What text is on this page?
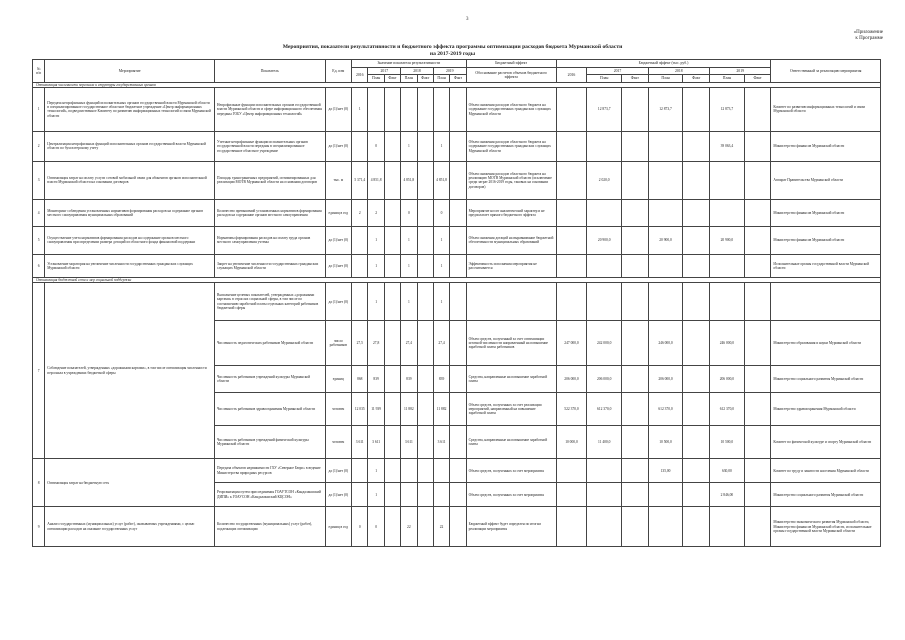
3
«Приложение
к Программе
Мероприятия, показатели результативности и бюджетного эффекта программы оптимизации расходов бюджета Мурманской области
на 2017-2019 годы
№ п/п	Мероприятие	Показатель	Ед. изм	Значение показателя результативности							Бюджетный эффект	Бюджетный эффект (тыс. руб.)							Ответственный за реализацию мероприятия
				2016	2017		2018		2019		Обоснование расчетов объемов бюджетного эффекта	2016	2017		2018		2019		
					План	Факт	План	Факт	План	Факт			План	Факт	План	Факт	План	Факт	
Оптимизация численности персонала и структуры государственных органов																			
1	Передача непрофильных функций исполнительных органов государственной власти Мурманской области в специализированное государственное областное бюджетное учреждение «Центр информационных технологий», подведомственное Комитету по развитию информационных технологий и связи Мурманской области	Непрофильные функции исполнительных органов государственной власти Мурманской области и сфере информационного обеспечения переданы ГОБУ «Центр информационных технологий»	да (1)/нет (0)	1							Объем снижения расходов областного бюджета на содержание государственных гражданских служащих Мурманской области		12 873,7		12 873,7		12 873,7		Комитет по развитию информационных технологий и связи Мурманской области
2	Централизация непрофильных функций исполнительных органов государственной власти Мурманской области по бухгалтерскому учету	Учетные непрофильные функции исполнительных органов государственной власти переданы в специализированное государственное областное учреждение	да (1)/нет (0)		0		1		1		Объем снижения расходов областного бюджета на содержание государственных гражданских служащих Мурманской области						39 063,4		Министерство финансов Мурманской области
3	Оптимизация затрат на оплату услуги сотовой мобильной связи для абонентов органов исполнительной власти Мурманской области на основании договоров	Площадь трансграничных предприятий, оптимизированных для реализации МОТВ Мурманской области на основании договоров	тыс. м	5 371,4	4 851,8		4 851,8		4 851,8		Объем снижения расходов областного бюджета на реализацию МОТВ Мурманской области (исключение среди затрат 2016-2019 годы, таковых на основании договоров)		2 020,0						Аппарат Правительства Мурманской области
4	Мониторинг соблюдения установленных нормативов формирования расходов на содержание органов местного самоуправления муниципальных образований	Количество превышений установленных нормативов формирования расходов на содержание органов местного самоуправления	единиц в год	2	2		0		0		Мероприятие носит аналитический характер и не предполагает прямого бюджетного эффекта								Министерство финансов Мурманской области
5	Осуществление учета нормативов формирования расходов на содержание органов местного самоуправления при определении размера дотаций из областного фонда финансовой поддержки	Нормативы формирования расходов на оплату труда органов местного самоуправления учтены	да (1)/нет (0)		1		1		1		Объем снижения дотаций на выравнивание бюджетной обеспеченности муниципальных образований		20 900,0		20 900,0		20 900,0		Министерство финансов Мурманской области
6	Установление моратория на увеличение численности государственных гражданских служащих Мурманской области	Запрет на увеличение численности государственных гражданских служащих Мурманской области	да (1)/нет (0)		1		1		1		Эффективность исполнения мероприятия не рассчитывается								Исполнительные органы государственной власти Мурманской области
Оптимизация бюджетной сети и мер социальной поддержки																			
7	Соблюдение показателей, утвержденных «дорожными картами», в том числе оптимизация численности персонала в учреждениях бюджетной сферы	Выполнение целевых показателей, утвержденных «дорожными картами» в отраслях социальной сферы, в том числе по соотношению заработной платы отдельных категорий работников бюджетной сферы	да (1)/нет (0)		1		1		1										
		Численность педагогических работников Мурманской области	число работников	27,5	27,8		27,4		27,4		Объем средств, полученный за счет оптимизации штатной численности направленный на повышение заработной платы работников	247 000,0	242 000,0		246 000,0		246 000,0		Министерство образования и науки Мурманской области
		Численность работников учреждений культуры Мурманской области	единиц	868	839		839		839		Средства, направленные на повышение заработной платы	206 000,0	206 000,0		206 000,0		206 000,0		Министерство социального развития Мурманской области
		Численность работников здравоохранения Мурманской области	человек	12 035	11 939		11 882		11 882		Объем средств, полученных за счет реализации мероприятий, направленный на повышение заработной платы	522 370,0	612 370,0		612 370,0		612 370,0		Министерство здравоохранения Мурманской области
		Численность работников учреждений физической культуры Мурманской области	человек	3 611	3 611		3 611		3 611		Средства, направленные на повышение заработной платы	10 000,0	11 400,0		10 500,0		10 500,0		Комитет по физической культуре и спорту Мурманской области
8	Оптимизация затрат на бюджетную сеть	Передача объектов недвижимости ГБУ «Северное Бюро» в ведение Министерства природных ресурсов	да (1)/нет (0)		1						Объем средств, полученных за счет мероприятия				135,00		630,00		Комитет по труду и занятости населения Мурманской области
		Реорганизация путем присоединения ГОАУТСОН «Кандалакшский ДИПИ» к ГОАУСОН «Кандалакшский КЦСОН»	да (1)/нет (0)		1						Объем средств, полученных за счет мероприятия						2 846,00		Министерство социального развития Мурманской области
9	Анализ государственных (муниципальных) услуг (работ), оказываемых учреждениями, с целью оптимизации расходов на оказание государственных услуг	Количество государственных (муниципальных) услуг (работ), подлежащих оптимизации	единиц в год	0	0		22		22		Бюджетный эффект будет определен по итогам реализации мероприятия								Министерство экономического развития Мурманской области, Министерство финансов Мурманской области, исполнительные органы государственной власти Мурманской области
